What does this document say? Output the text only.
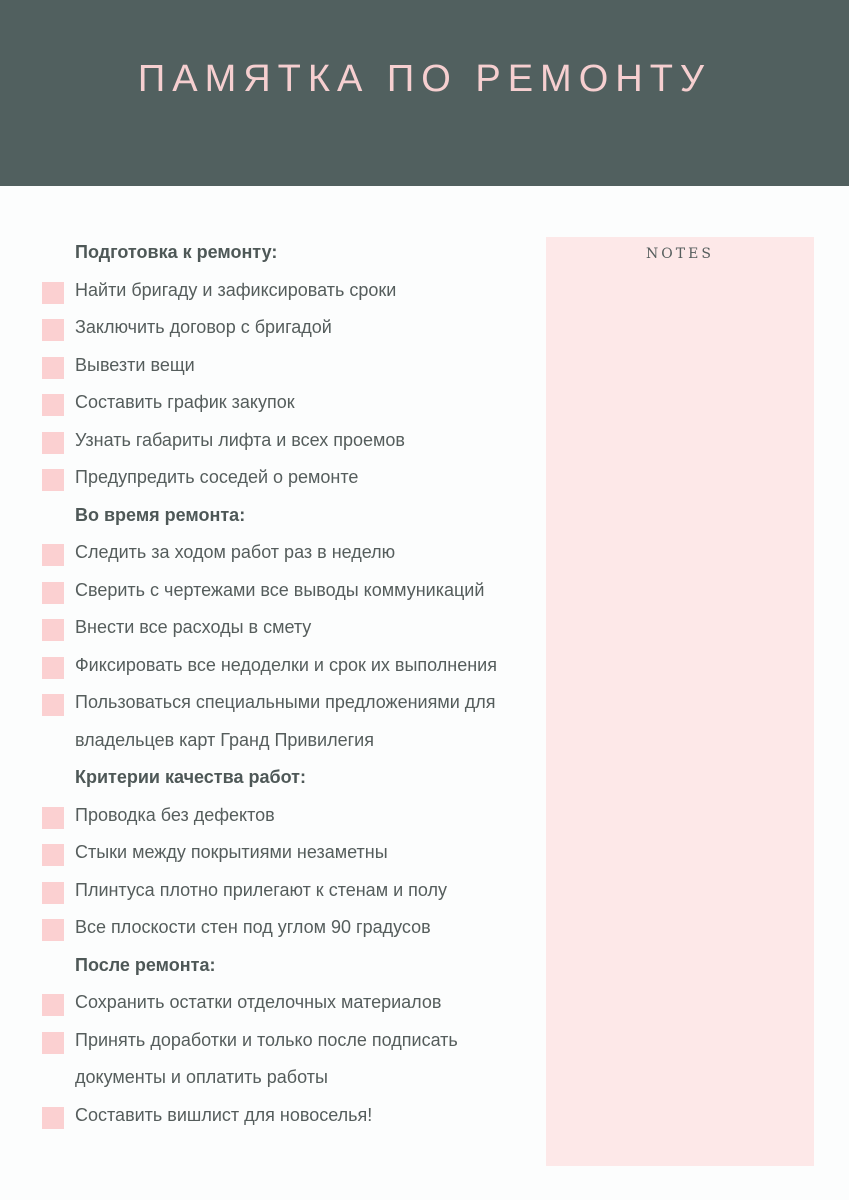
ПАМЯТКА ПО РЕМОНТУ
Подготовка к ремонту:
Найти бригаду и зафиксировать сроки
Заключить договор с бригадой
Вывезти вещи
Составить график закупок
Узнать габариты лифта и всех проемов
Предупредить соседей о ремонте
Во время ремонта:
Следить за ходом работ раз в неделю
Сверить с чертежами все выводы коммуникаций
Внести все расходы в смету
Фиксировать все недоделки и срок их выполнения
Пользоваться специальными предложениями для
владельцев карт Гранд Привилегия
Критерии качества работ:
Проводка без дефектов
Стыки между покрытиями незаметны
Плинтуса плотно прилегают к стенам и полу
Все плоскости стен под углом 90 градусов
После ремонта:
Сохранить остатки отделочных материалов
Принять доработки и только после подписать
документы и оплатить работы
Составить вишлист для новоселья!
NOTES
